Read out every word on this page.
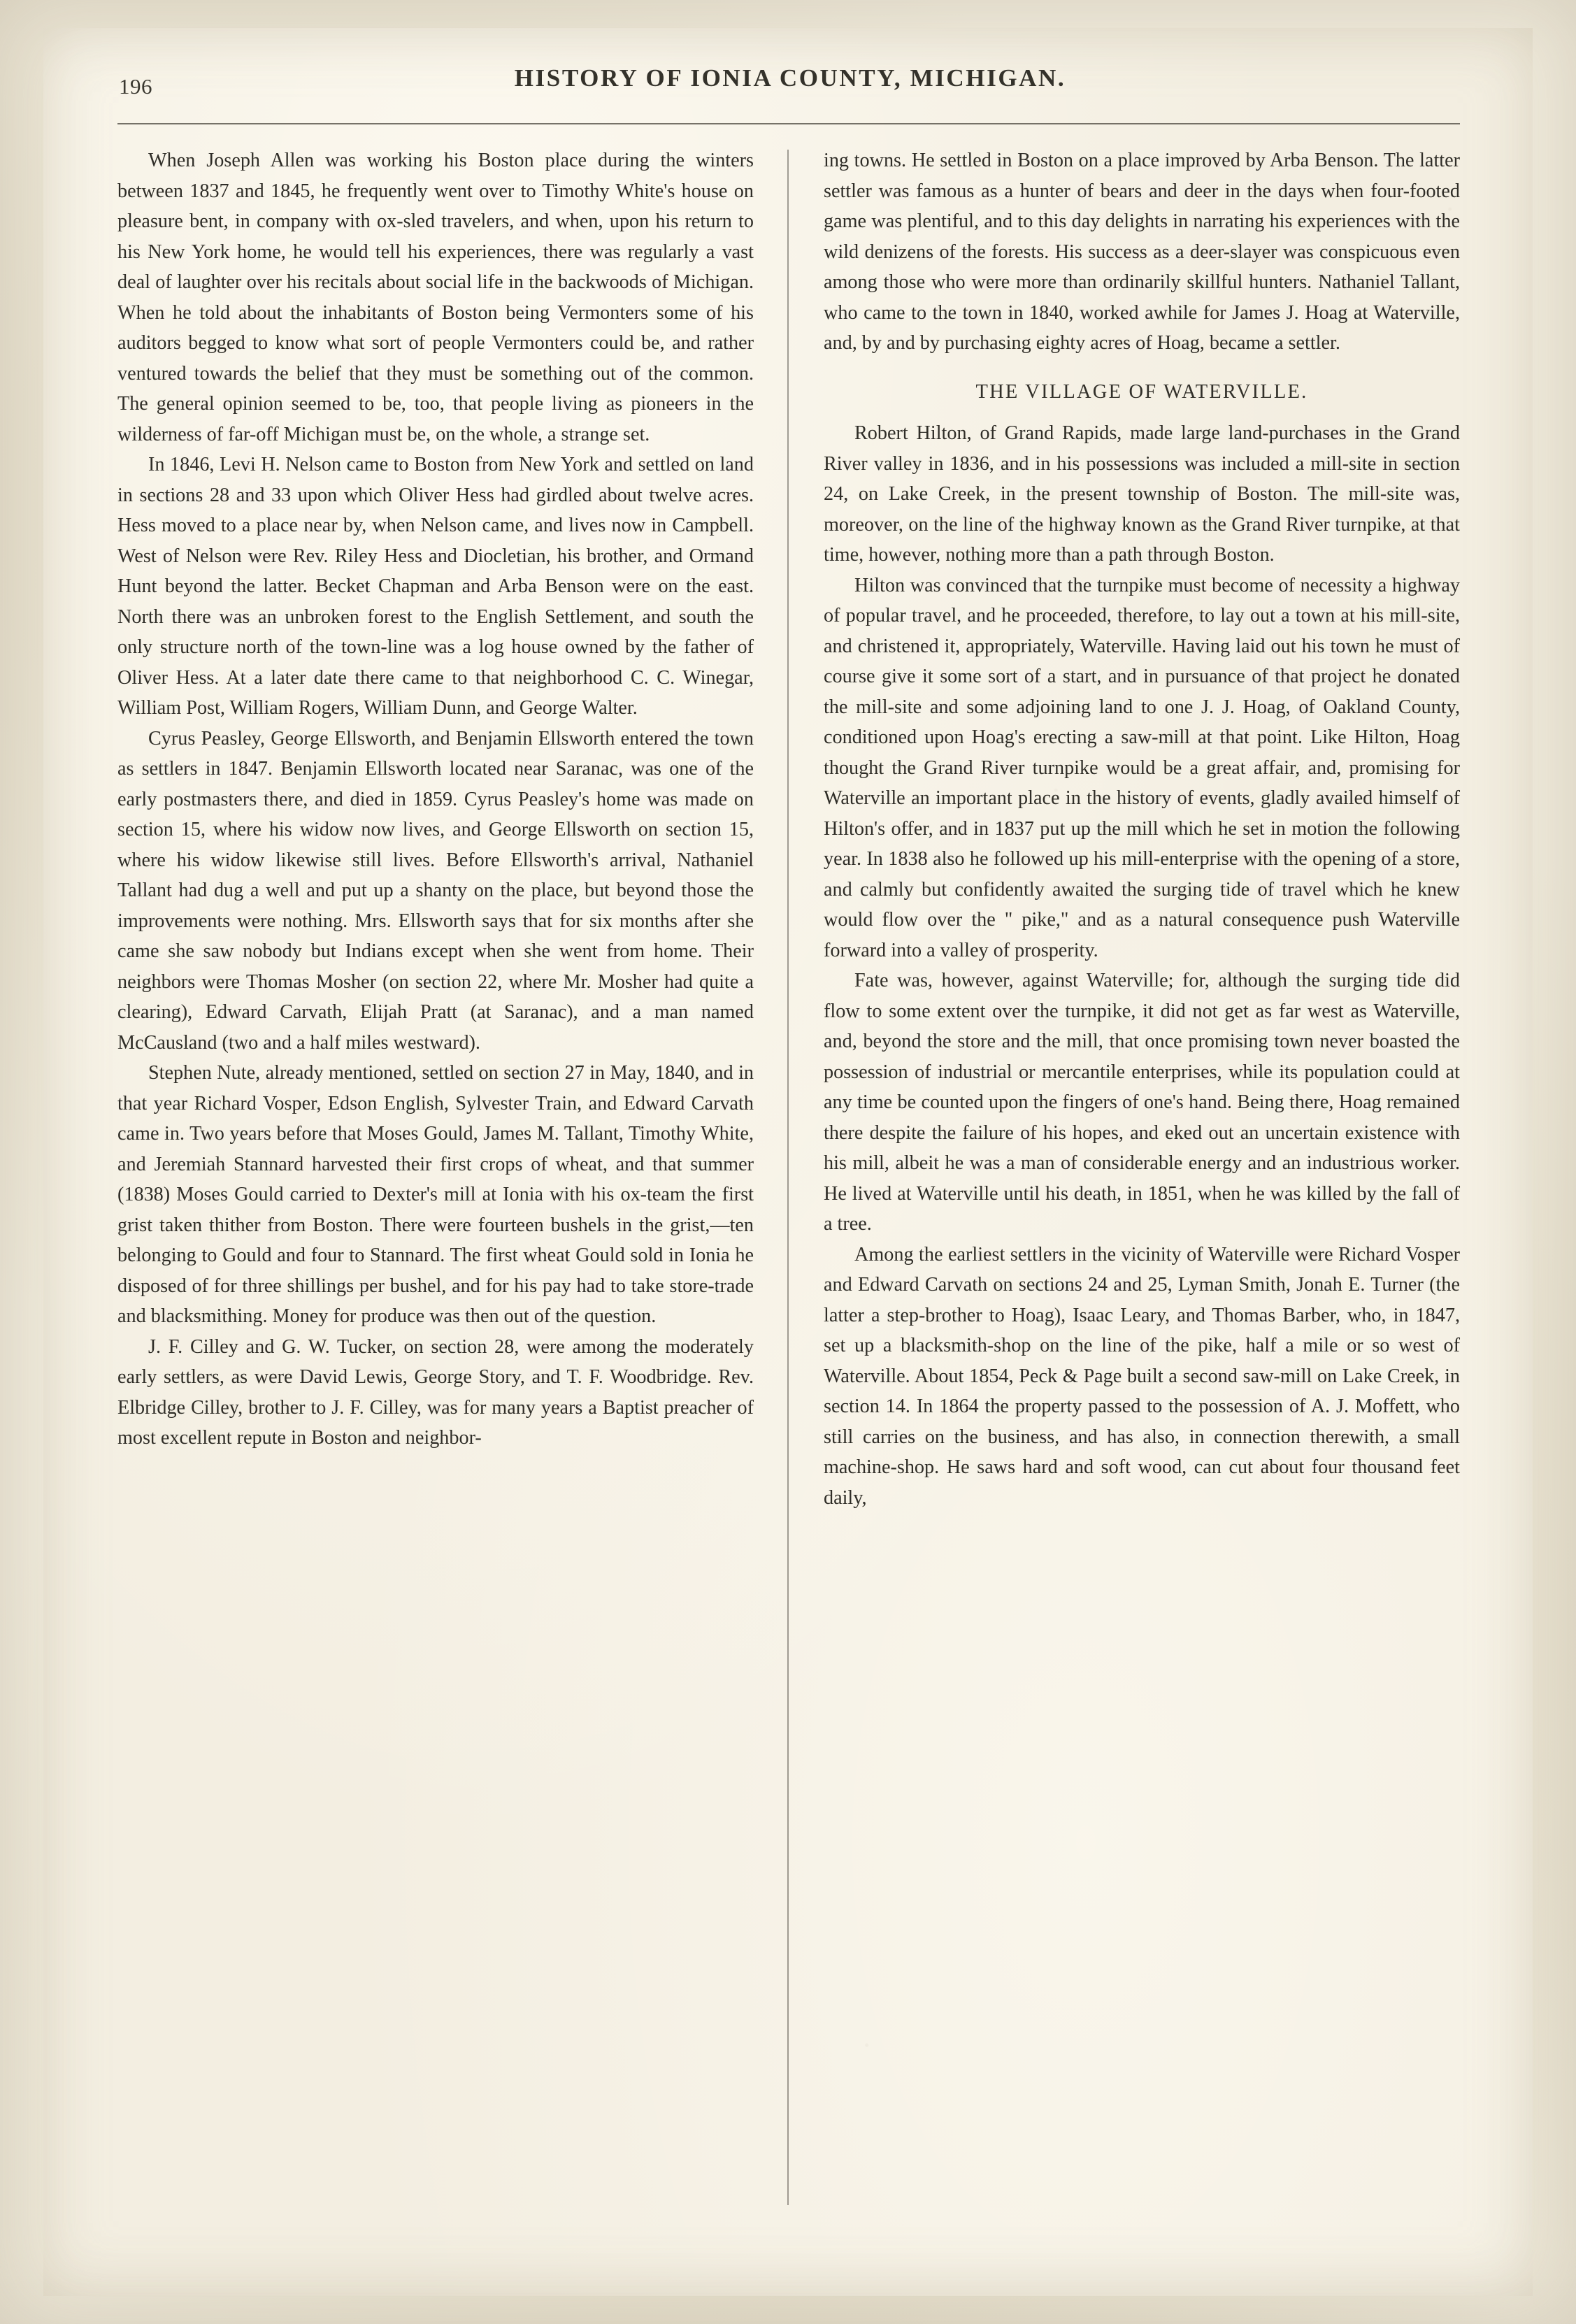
196	HISTORY OF IONIA COUNTY, MICHIGAN.

When Joseph Allen was working his Boston place during the winters between 1837 and 1845, he frequently went over to Timothy White's house on pleasure bent, in company with ox-sled travelers, and when, upon his return to his New York home, he would tell his experiences, there was regularly a vast deal of laughter over his recitals about social life in the backwoods of Michigan. When he told about the inhabitants of Boston being Vermonters some of his auditors begged to know what sort of people Vermonters could be, and rather ventured towards the belief that they must be something out of the common. The general opinion seemed to be, too, that people living as pioneers in the wilderness of far-off Michigan must be, on the whole, a strange set.

In 1846, Levi H. Nelson came to Boston from New York and settled on land in sections 28 and 33 upon which Oliver Hess had girdled about twelve acres. Hess moved to a place near by, when Nelson came, and lives now in Campbell. West of Nelson were Rev. Riley Hess and Diocletian, his brother, and Ormand Hunt beyond the latter. Becket Chapman and Arba Benson were on the east. North there was an unbroken forest to the English Settlement, and south the only structure north of the town-line was a log house owned by the father of Oliver Hess. At a later date there came to that neighborhood C. C. Winegar, William Post, William Rogers, William Dunn, and George Walter.

Cyrus Peasley, George Ellsworth, and Benjamin Ellsworth entered the town as settlers in 1847. Benjamin Ellsworth located near Saranac, was one of the early postmasters there, and died in 1859. Cyrus Peasley's home was made on section 15, where his widow now lives, and George Ellsworth on section 15, where his widow likewise still lives. Before Ellsworth's arrival, Nathaniel Tallant had dug a well and put up a shanty on the place, but beyond those the improvements were nothing. Mrs. Ellsworth says that for six months after she came she saw nobody but Indians except when she went from home. Their neighbors were Thomas Mosher (on section 22, where Mr. Mosher had quite a clearing), Edward Carvath, Elijah Pratt (at Saranac), and a man named McCausland (two and a half miles westward).

Stephen Nute, already mentioned, settled on section 27 in May, 1840, and in that year Richard Vosper, Edson English, Sylvester Train, and Edward Carvath came in. Two years before that Moses Gould, James M. Tallant, Timothy White, and Jeremiah Stannard harvested their first crops of wheat, and that summer (1838) Moses Gould carried to Dexter's mill at Ionia with his ox-team the first grist taken thither from Boston. There were fourteen bushels in the grist,—ten belonging to Gould and four to Stannard. The first wheat Gould sold in Ionia he disposed of for three shillings per bushel, and for his pay had to take store-trade and blacksmithing. Money for produce was then out of the question.

J. F. Cilley and G. W. Tucker, on section 28, were among the moderately early settlers, as were David Lewis, George Story, and T. F. Woodbridge. Rev. Elbridge Cilley, brother to J. F. Cilley, was for many years a Baptist preacher of most excellent repute in Boston and neighbor-

ing towns. He settled in Boston on a place improved by Arba Benson. The latter settler was famous as a hunter of bears and deer in the days when four-footed game was plentiful, and to this day delights in narrating his experiences with the wild denizens of the forests. His success as a deer-slayer was conspicuous even among those who were more than ordinarily skillful hunters. Nathaniel Tallant, who came to the town in 1840, worked awhile for James J. Hoag at Waterville, and, by and by purchasing eighty acres of Hoag, became a settler.

THE VILLAGE OF WATERVILLE.

Robert Hilton, of Grand Rapids, made large land-purchases in the Grand River valley in 1836, and in his possessions was included a mill-site in section 24, on Lake Creek, in the present township of Boston. The mill-site was, moreover, on the line of the highway known as the Grand River turnpike, at that time, however, nothing more than a path through Boston.

Hilton was convinced that the turnpike must become of necessity a highway of popular travel, and he proceeded, therefore, to lay out a town at his mill-site, and christened it, appropriately, Waterville. Having laid out his town he must of course give it some sort of a start, and in pursuance of that project he donated the mill-site and some adjoining land to one J. J. Hoag, of Oakland County, conditioned upon Hoag's erecting a saw-mill at that point. Like Hilton, Hoag thought the Grand River turnpike would be a great affair, and, promising for Waterville an important place in the history of events, gladly availed himself of Hilton's offer, and in 1837 put up the mill which he set in motion the following year. In 1838 also he followed up his mill-enterprise with the opening of a store, and calmly but confidently awaited the surging tide of travel which he knew would flow over the " pike," and as a natural consequence push Waterville forward into a valley of prosperity.

Fate was, however, against Waterville; for, although the surging tide did flow to some extent over the turnpike, it did not get as far west as Waterville, and, beyond the store and the mill, that once promising town never boasted the possession of industrial or mercantile enterprises, while its population could at any time be counted upon the fingers of one's hand. Being there, Hoag remained there despite the failure of his hopes, and eked out an uncertain existence with his mill, albeit he was a man of considerable energy and an industrious worker. He lived at Waterville until his death, in 1851, when he was killed by the fall of a tree.

Among the earliest settlers in the vicinity of Waterville were Richard Vosper and Edward Carvath on sections 24 and 25, Lyman Smith, Jonah E. Turner (the latter a step-brother to Hoag), Isaac Leary, and Thomas Barber, who, in 1847, set up a blacksmith-shop on the line of the pike, half a mile or so west of Waterville. About 1854, Peck & Page built a second saw-mill on Lake Creek, in section 14. In 1864 the property passed to the possession of A. J. Moffett, who still carries on the business, and has also, in connection therewith, a small machine-shop. He saws hard and soft wood, can cut about four thousand feet daily,
